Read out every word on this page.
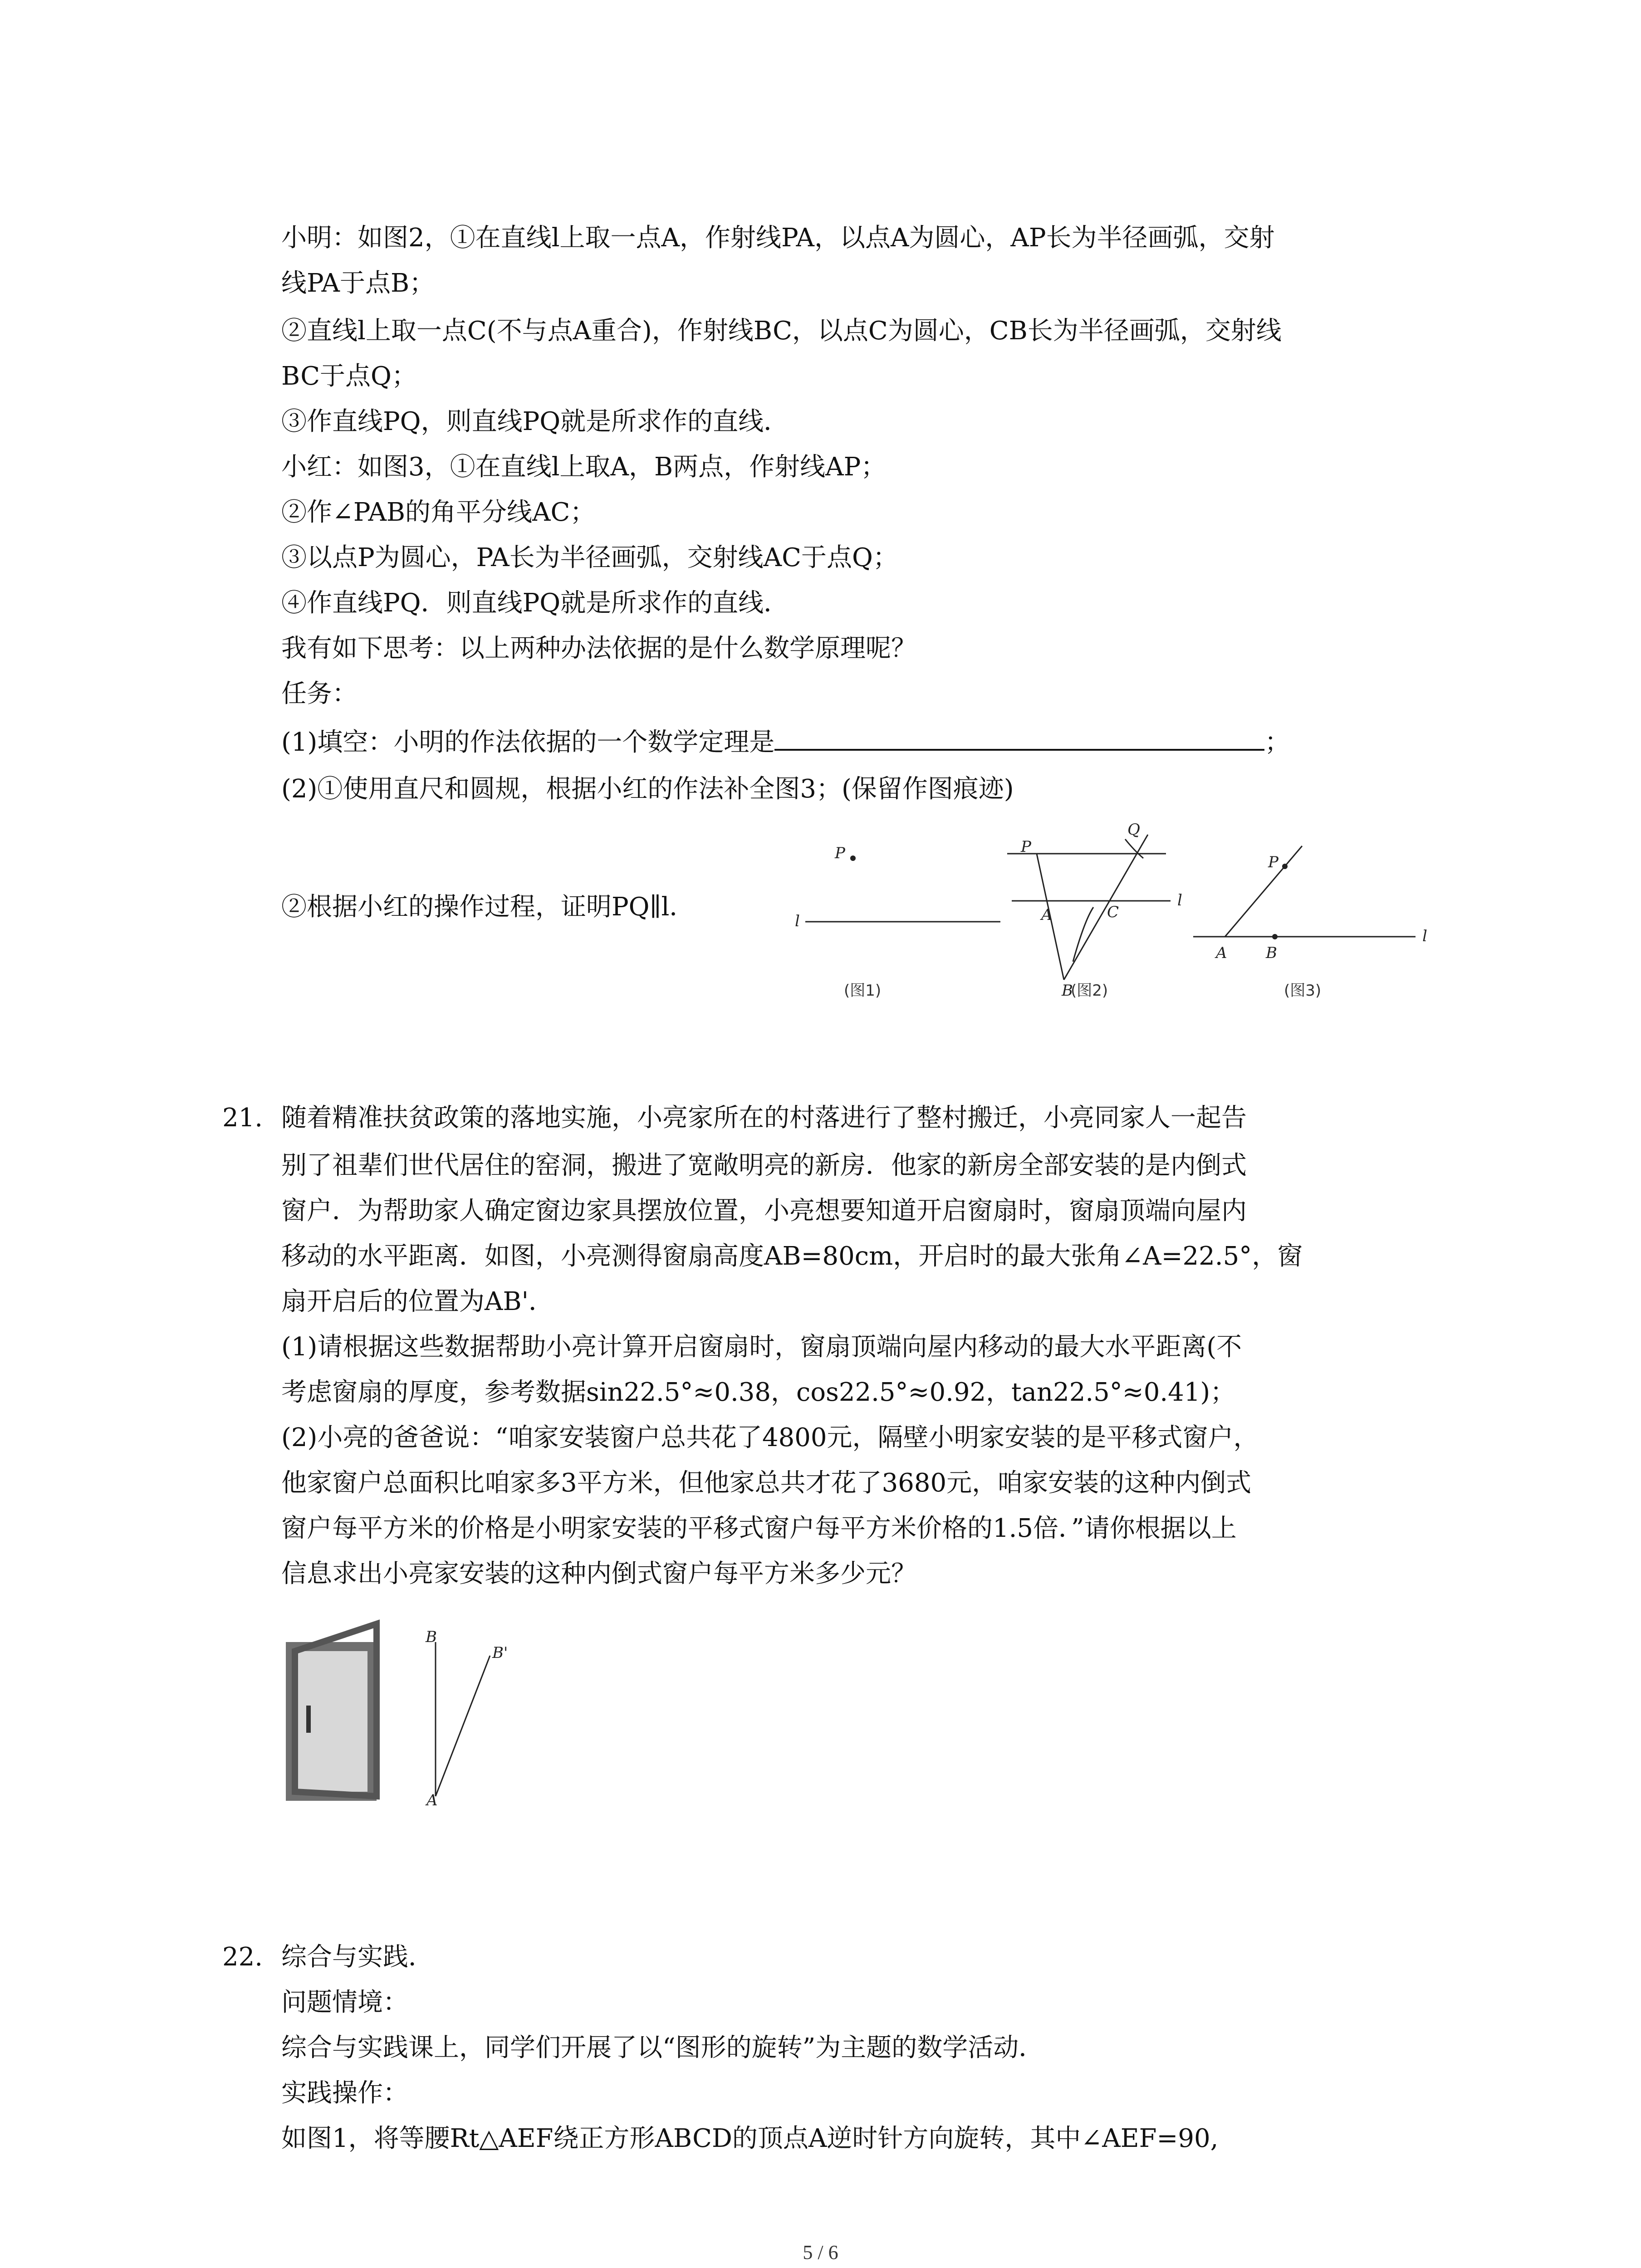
小明：如图2，①在直线l上取一点A，作射线PA，以点A为圆心，AP长为半径画弧，交射
线PA于点B；
②直线l上取一点C(不与点A重合)，作射线BC，以点C为圆心，CB长为半径画弧，交射线
BC于点Q；
③作直线PQ，则直线PQ就是所求作的直线．
小红：如图3，①在直线l上取A，B两点，作射线AP；
②作∠PAB的角平分线AC；
③以点P为圆心，PA长为半径画弧，交射线AC于点Q；
④作直线PQ．则直线PQ就是所求作的直线．
我有如下思考：以上两种办法依据的是什么数学原理呢？
任务：
(1)填空：小明的作法依据的一个数学定理是	；
(2)①使用直尺和圆规，根据小红的作法补全图3；(保留作图痕迹)
②根据小红的操作过程，证明PQ∥l．
P
l
(图1)
P
Q
A	C
B
l
(图2)
P
A	B
l
(图3)
21. 随着精准扶贫政策的落地实施，小亮家所在的村落进行了整村搬迁，小亮同家人一起告
别了祖辈们世代居住的窑洞，搬进了宽敞明亮的新房．他家的新房全部安装的是内倒式
窗户．为帮助家人确定窗边家具摆放位置，小亮想要知道开启窗扇时，窗扇顶端向屋内
移动的水平距离．如图，小亮测得窗扇高度AB=80cm，开启时的最大张角∠A=22.5°，窗
扇开启后的位置为AB'．
(1)请根据这些数据帮助小亮计算开启窗扇时，窗扇顶端向屋内移动的最大水平距离(不
考虑窗扇的厚度，参考数据sin22.5°≈0.38，cos22.5°≈0.92，tan22.5°≈0.41)；
(2)小亮的爸爸说：“咱家安装窗户总共花了4800元，隔壁小明家安装的是平移式窗户，
他家窗户总面积比咱家多3平方米，但他家总共才花了3680元，咱家安装的这种内倒式
窗户每平方米的价格是小明家安装的平移式窗户每平方米价格的1.5倍．”请你根据以上
信息求出小亮家安装的这种内倒式窗户每平方米多少元？
B
B'
A
22. 综合与实践．
问题情境：
综合与实践课上，同学们开展了以“图形的旋转”为主题的数学活动．
实践操作：
如图1，将等腰Rt△AEF绕正方形ABCD的顶点A逆时针方向旋转，其中∠AEF=90,
5 / 6
